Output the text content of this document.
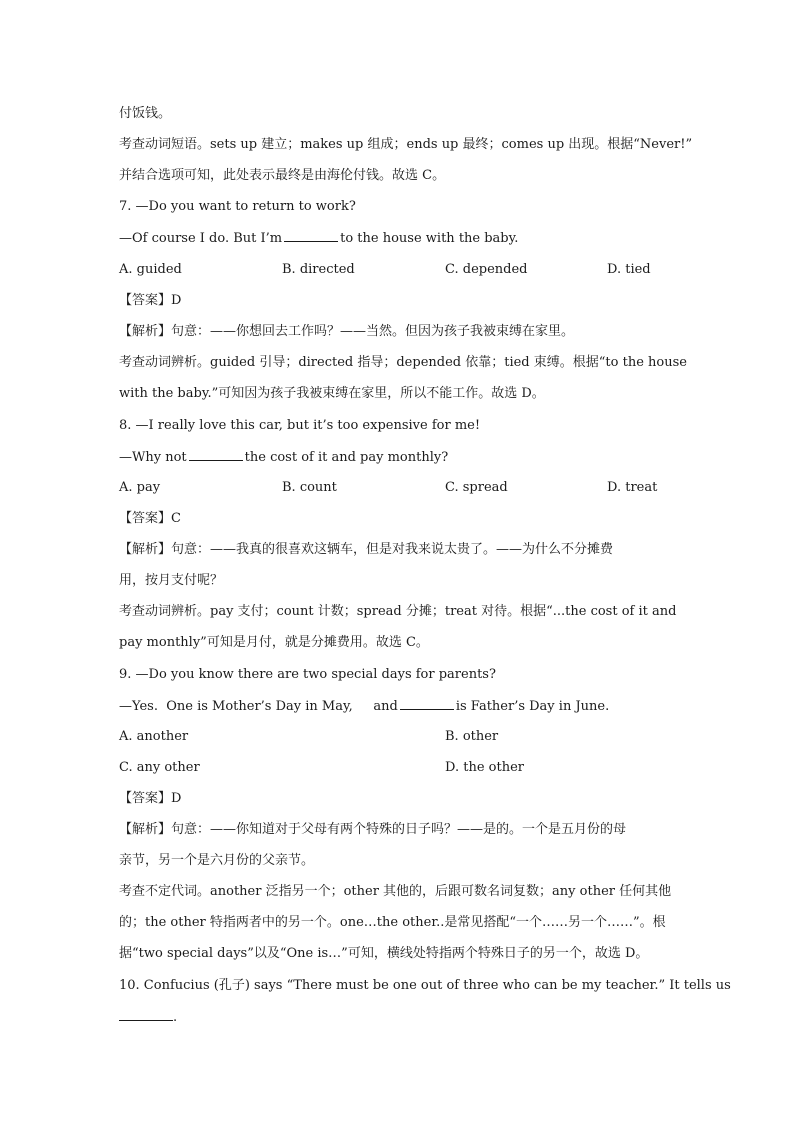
付饭钱。
考查动词短语。sets up 建立；makes up 组成；ends up 最终；comes up 出现。根据“Never!”
并结合选项可知，此处表示最终是由海伦付钱。故选 C。
7. —Do you want to return to work?
—Of course I do. But I’m	to the house with the baby.
A. guided	B. directed	C. depended	D. tied
【答案】D
【解析】句意：——你想回去工作吗？——当然。但因为孩子我被束缚在家里。
考查动词辨析。guided 引导；directed 指导；depended 依靠；tied 束缚。根据“to the house
with the baby.”可知因为孩子我被束缚在家里，所以不能工作。故选 D。
8. —I really love this car, but it’s too expensive for me!
—Why not	the cost of it and pay monthly?
A. pay	B. count	C. spread	D. treat
【答案】C
【解析】句意：——我真的很喜欢这辆车，但是对我来说太贵了。——为什么不分摊费
用，按月支付呢？
考查动词辨析。pay 支付；count 计数；spread 分摊；treat 对待。根据“...the cost of it and
pay monthly”可知是月付，就是分摊费用。故选 C。
9. —Do you know there are two special days for parents?
—Yes.  One is Mother’s Day in May,     and	is Father’s Day in June.
A. another	B. other
C. any other	D. the other
【答案】D
【解析】句意：——你知道对于父母有两个特殊的日子吗？——是的。一个是五月份的母
亲节，另一个是六月份的父亲节。
考查不定代词。another 泛指另一个；other 其他的，后跟可数名词复数；any other 任何其他
的；the other 特指两者中的另一个。one…the other..是常见搭配“一个……另一个……”。根
据“two special days”以及“One is…”可知，横线处特指两个特殊日子的另一个，故选 D。
10. Confucius (孔子) says “There must be one out of three who can be my teacher.” It tells us
.
